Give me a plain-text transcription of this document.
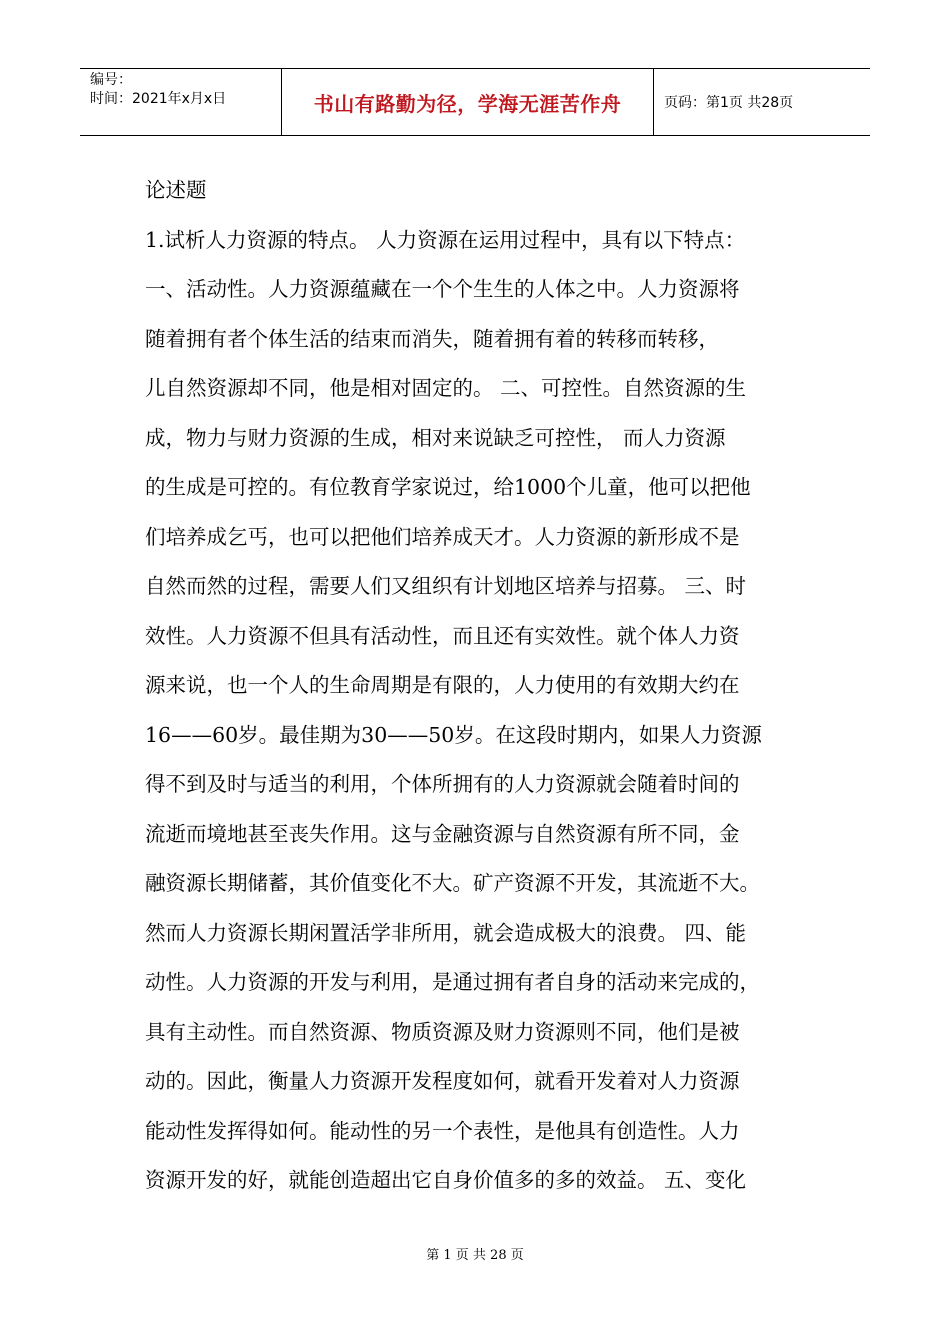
编号：
时间：2021年x月x日	书山有路勤为径，学海无涯苦作舟	页码：第1页 共28页
论述题
1.试析人力资源的特点。 人力资源在运用过程中，具有以下特点：
一、活动性。人力资源蕴藏在一个个生生的人体之中。人力资源将
随着拥有者个体生活的结束而消失，随着拥有着的转移而转移，
儿自然资源却不同，他是相对固定的。 二、可控性。自然资源的生
成，物力与财力资源的生成，相对来说缺乏可控性， 而人力资源
的生成是可控的。有位教育学家说过，给1000个儿童，他可以把他
们培养成乞丐，也可以把他们培养成天才。人力资源的新形成不是
自然而然的过程，需要人们又组织有计划地区培养与招募。 三、时
效性。人力资源不但具有活动性，而且还有实效性。就个体人力资
源来说，也一个人的生命周期是有限的，人力使用的有效期大约在
16——60岁。最佳期为30——50岁。在这段时期内，如果人力资源
得不到及时与适当的利用，个体所拥有的人力资源就会随着时间的
流逝而境地甚至丧失作用。这与金融资源与自然资源有所不同，金
融资源长期储蓄，其价值变化不大。矿产资源不开发，其流逝不大。
然而人力资源长期闲置活学非所用，就会造成极大的浪费。 四、能
动性。人力资源的开发与利用，是通过拥有者自身的活动来完成的，
具有主动性。而自然资源、物质资源及财力资源则不同，他们是被
动的。因此，衡量人力资源开发程度如何，就看开发着对人力资源
能动性发挥得如何。能动性的另一个表性，是他具有创造性。人力
资源开发的好，就能创造超出它自身价值多的多的效益。 五、变化
第 1 页 共 28 页
